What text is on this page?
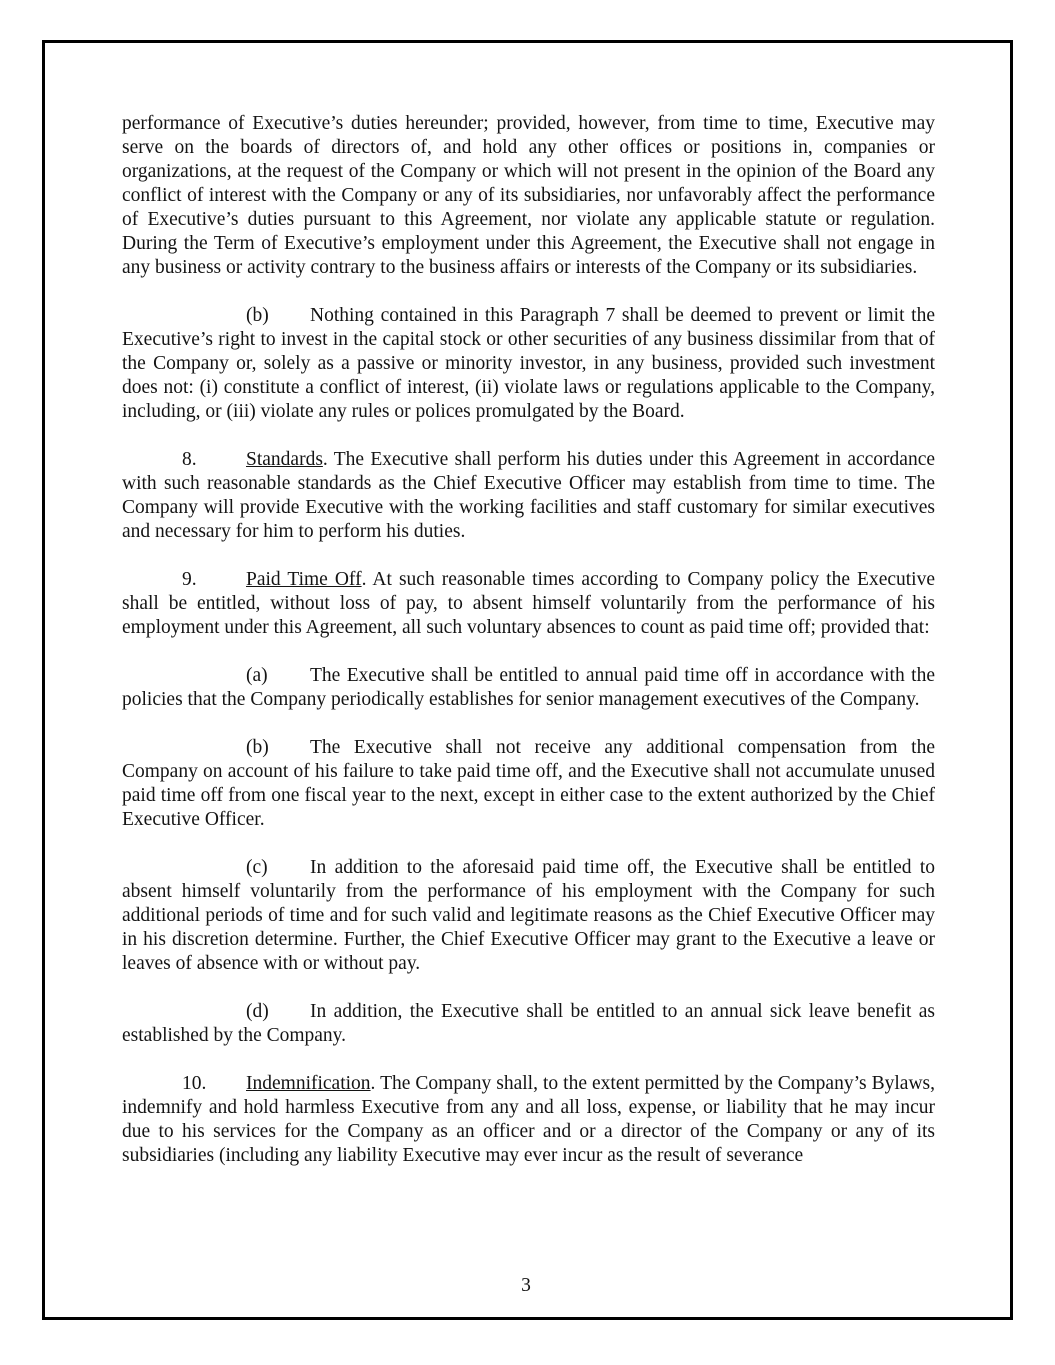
performance of Executive’s duties hereunder; provided, however, from time to time, Executive may serve on the boards of directors of, and hold any other offices or positions in, companies or organizations, at the request of the Company or which will not present in the opinion of the Board any conflict of interest with the Company or any of its subsidiaries, nor unfavorably affect the performance of Executive’s duties pursuant to this Agreement, nor violate any applicable statute or regulation. During the Term of Executive’s employment under this Agreement, the Executive shall not engage in any business or activity contrary to the business affairs or interests of the Company or its subsidiaries.

(b) Nothing contained in this Paragraph 7 shall be deemed to prevent or limit the Executive’s right to invest in the capital stock or other securities of any business dissimilar from that of the Company or, solely as a passive or minority investor, in any business, provided such investment does not: (i) constitute a conflict of interest, (ii) violate laws or regulations applicable to the Company, including, or (iii) violate any rules or polices promulgated by the Board.

8.	Standards. The Executive shall perform his duties under this Agreement in accordance with such reasonable standards as the Chief Executive Officer may establish from time to time. The Company will provide Executive with the working facilities and staff customary for similar executives and necessary for him to perform his duties.

9.	Paid Time Off. At such reasonable times according to Company policy the Executive shall be entitled, without loss of pay, to absent himself voluntarily from the performance of his employment under this Agreement, all such voluntary absences to count as paid time off; provided that:

(a) The Executive shall be entitled to annual paid time off in accordance with the policies that the Company periodically establishes for senior management executives of the Company.

(b) The Executive shall not receive any additional compensation from the Company on account of his failure to take paid time off, and the Executive shall not accumulate unused paid time off from one fiscal year to the next, except in either case to the extent authorized by the Chief Executive Officer.

(c) In addition to the aforesaid paid time off, the Executive shall be entitled to absent himself voluntarily from the performance of his employment with the Company for such additional periods of time and for such valid and legitimate reasons as the Chief Executive Officer may in his discretion determine. Further, the Chief Executive Officer may grant to the Executive a leave or leaves of absence with or without pay.

(d) In addition, the Executive shall be entitled to an annual sick leave benefit as established by the Company.

10. Indemnification. The Company shall, to the extent permitted by the Company’s Bylaws, indemnify and hold harmless Executive from any and all loss, expense, or liability that he may incur due to his services for the Company as an officer and or a director of the Company or any of its subsidiaries (including any liability Executive may ever incur as the result of severance

3
